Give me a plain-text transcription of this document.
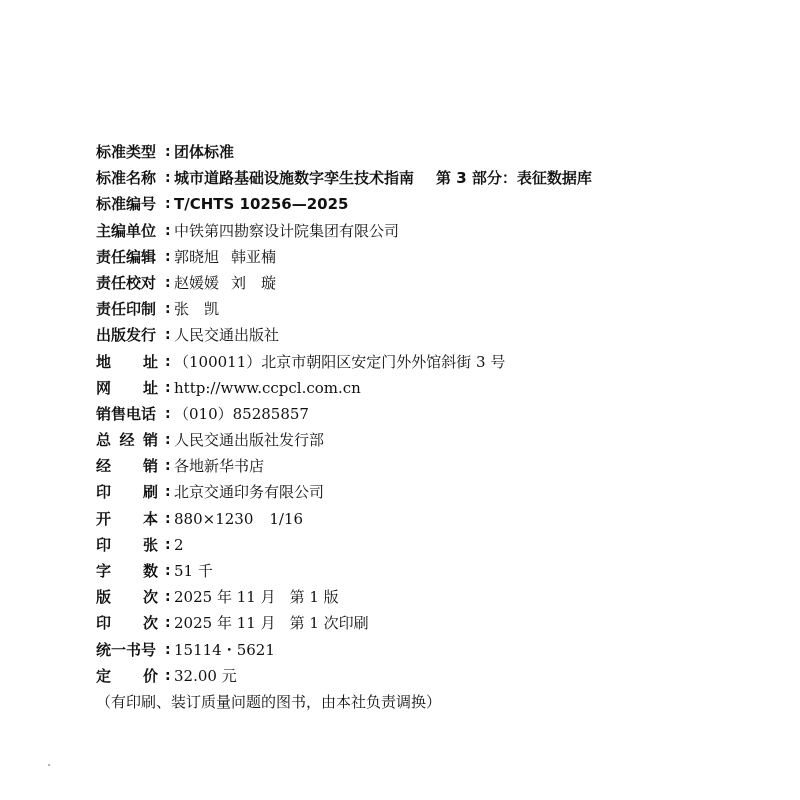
标准类型 : 团体标准
标准名称 : 城市道路基础设施数字孪生技术指南 第 3 部分：表征数据库
标准编号 : T/CHTS 10256—2025
主编单位 : 中铁第四勘察设计院集团有限公司
责任编辑 : 郭晓旭 韩亚楠
责任校对 : 赵媛媛 刘　璇
责任印制 : 张　凯
出版发行 : 人民交通出版社
地 址 : （100011）北京市朝阳区安定门外外馆斜街 3 号
网 址 : http://www.ccpcl.com.cn
销售电话 : （010）85285857
总 经 销 : 人民交通出版社发行部
经 销 : 各地新华书店
印 刷 : 北京交通印务有限公司
开 本 : 880×1230 1/16
印 张 : 2
字 数 : 51 千
版 次 : 2025 年 11 月 第 1 版
印 次 : 2025 年 11 月 第 1 次印刷
统一书号 : 15114・5621
定 价 : 32.00 元
（有印刷、装订质量问题的图书，由本社负责调换）
